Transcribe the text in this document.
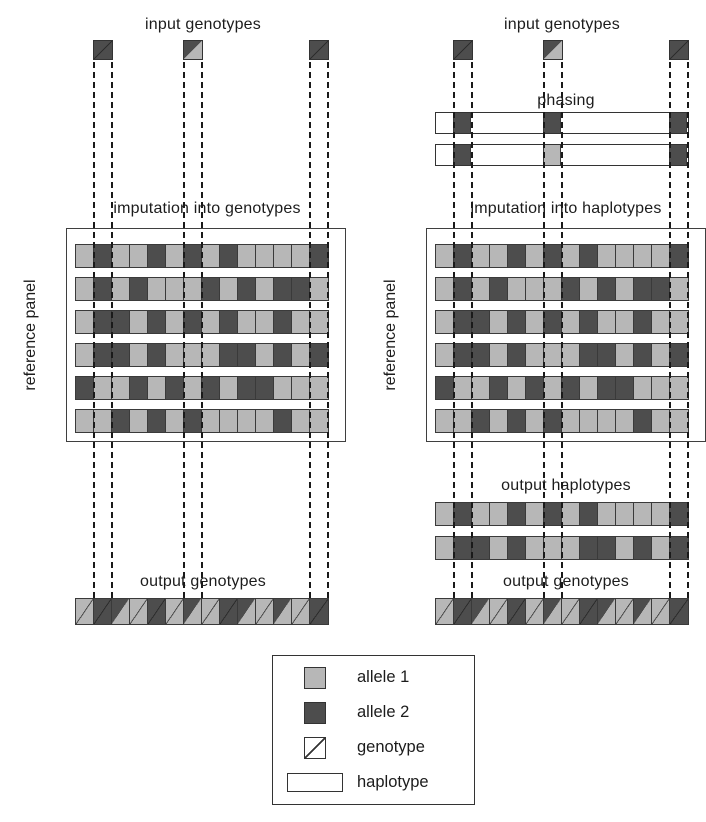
input genotypes	input genotypes
phasing
imputation into genotypes	imputation into haplotypes
output haplotypes
output genotypes	output genotypes
reference panel	reference panel
allele 1
allele 2
genotype
haplotype
